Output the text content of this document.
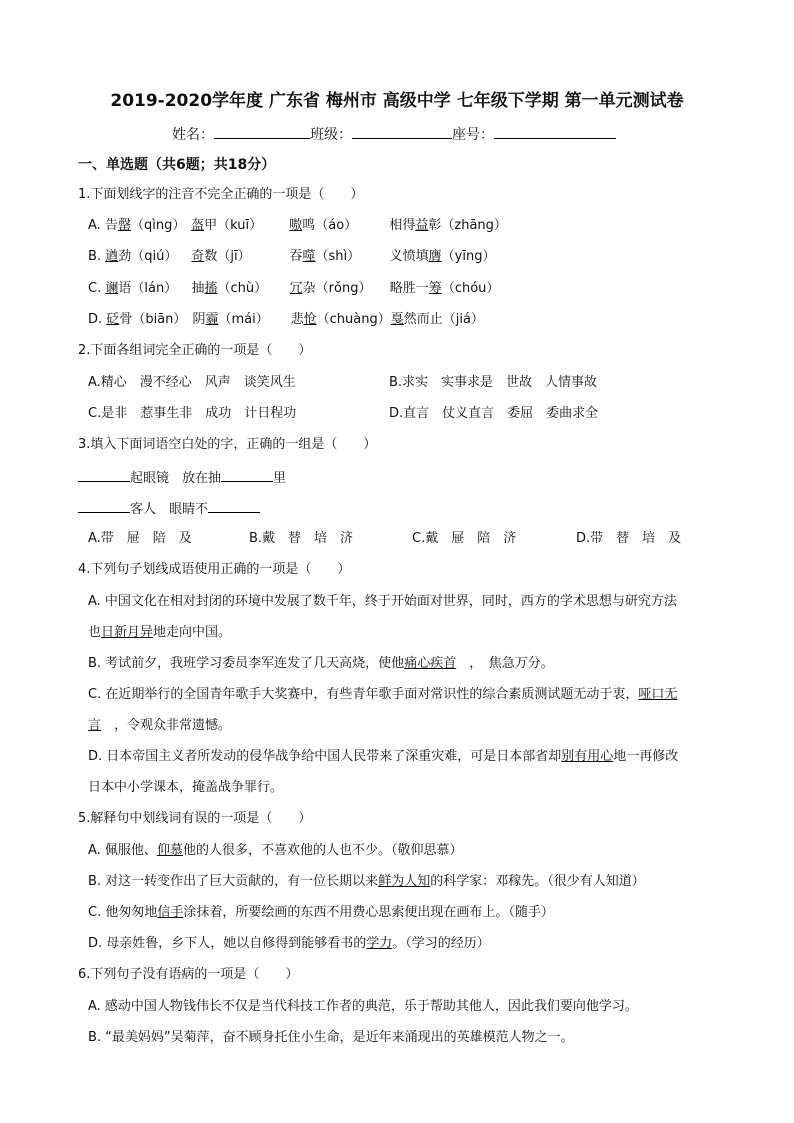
2019-2020学年度 广东省 梅州市 高级中学 七年级下学期 第一单元测试卷
姓名：	班级：	座号：
一、单选题（共6题；共18分）
1.下面划线字的注音不完全正确的一项是（　　）
A. 告罄（qìng） 盔甲（kuī） 嗷鸣（áo） 相得益彰（zhāng）
B. 遒劲（qiú） 奇数（jī）	吞噬（shì） 义愤填膺（yīng）
C. 谰语（lán） 抽搐（chù） 冗杂（rǒng） 略胜一筹（chóu）
D. 砭骨（biān） 阴霾（mái） 悲怆（chuàng） 戛然而止（jiá）
2.下面各组词完全正确的一项是（　　）
A.精心　漫不经心　风声　谈笑风生	B.求实　实事求是　世故　人情事故
C.是非　惹事生非　成功　计日程功	D.直言　仗义直言　委屈　委曲求全
3.填入下面词语空白处的字，正确的一组是（　　）
起眼镜　放在抽	里
客人　眼睛不
A.带　屉　陪　及	B.戴　替　培　济	C.戴　屉　陪　济	D.带　替　培　及
4.下列句子划线成语使用正确的一项是（　　）
A. 中国文化在相对封闭的环境中发展了数千年，终于开始面对世界，同时，西方的学术思想与研究方法
也日新月异地走向中国。
B. 考试前夕，我班学习委员李军连发了几天高烧，使他痛心疾首　，　焦急万分。
C. 在近期举行的全国青年歌手大奖赛中，有些青年歌手面对常识性的综合素质测试题无动于衷，哑口无
言　，令观众非常遗憾。
D. 日本帝国主义者所发动的侵华战争给中国人民带来了深重灾难，可是日本部省却别有用心地一再修改
日本中小学课本，掩盖战争罪行。
5.解释句中划线词有误的一项是（　　）
A. 佩服他、仰慕他的人很多，不喜欢他的人也不少。（敬仰思慕）
B. 对这一转变作出了巨大贡献的，有一位长期以来鲜为人知的科学家：邓稼先。（很少有人知道）
C. 他匆匆地信手涂抹着，所要绘画的东西不用费心思索便出现在画布上。（随手）
D. 母亲姓鲁，乡下人，她以自修得到能够看书的学力。（学习的经历）
6.下列句子没有语病的一项是（　　）
A. 感动中国人物钱伟长不仅是当代科技工作者的典范，乐于帮助其他人，因此我们要向他学习。
B. “最美妈妈”吴菊萍，奋不顾身托住小生命，是近年来涌现出的英雄模范人物之一。
